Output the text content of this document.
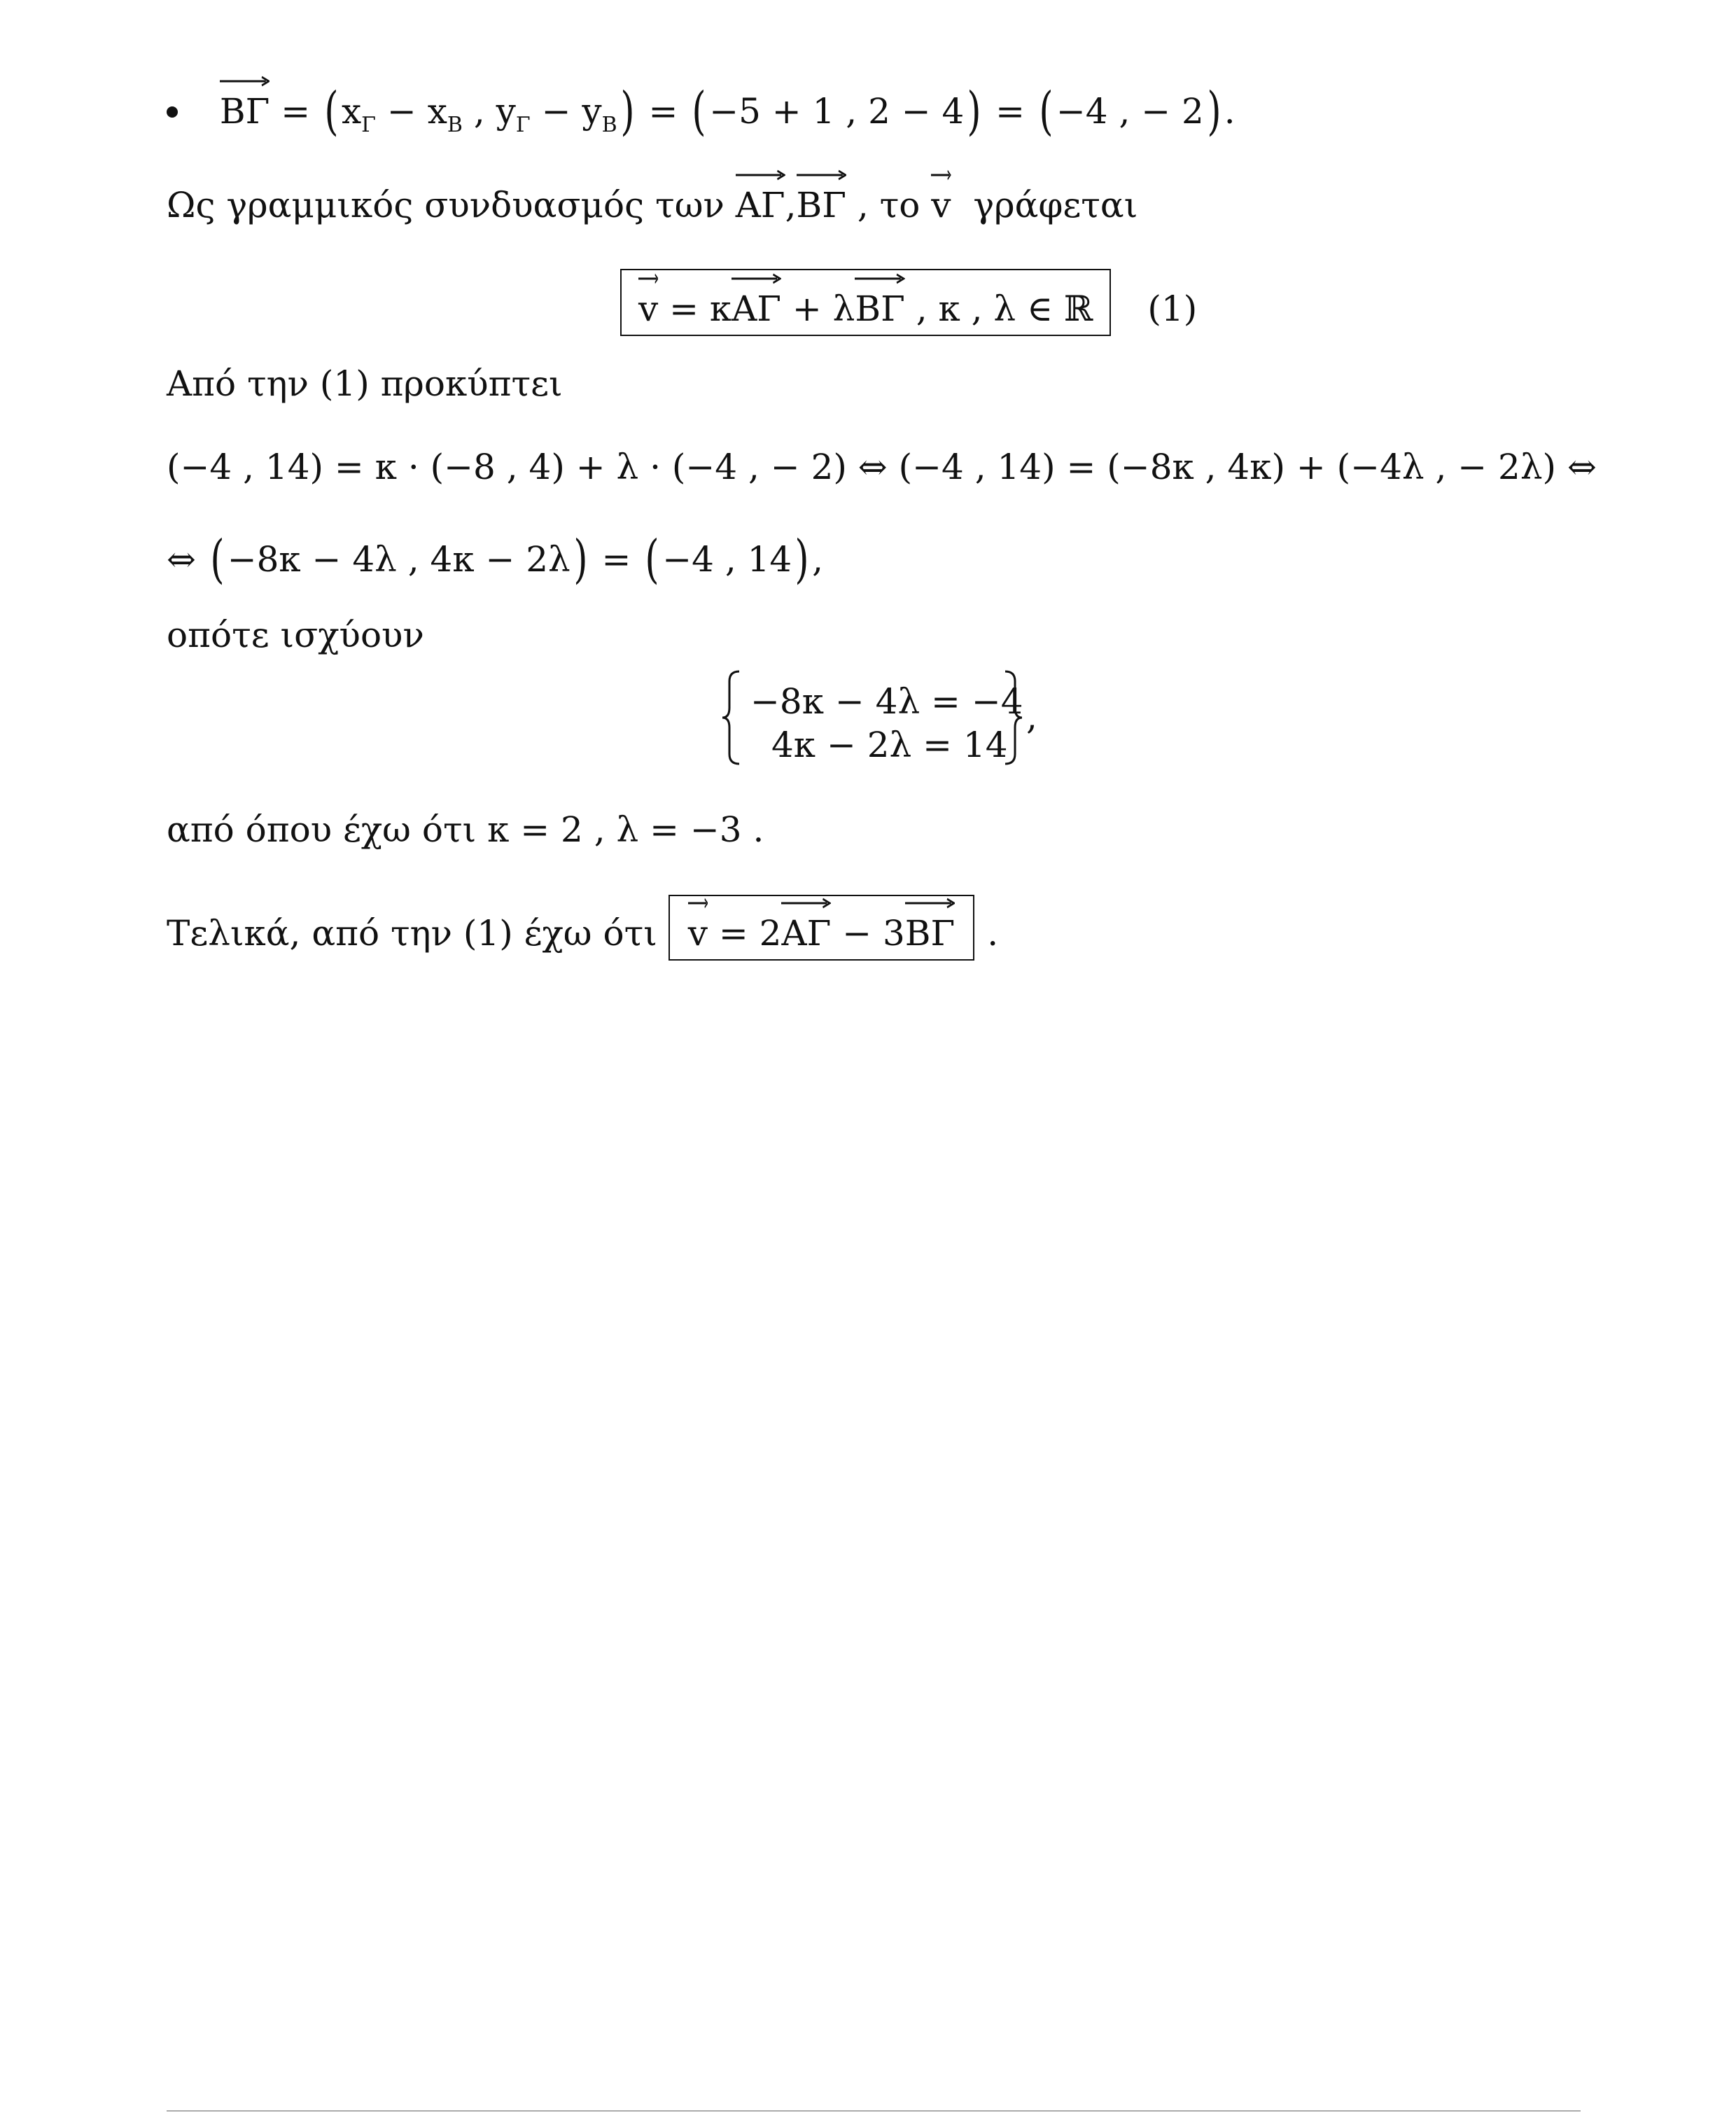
$B\Gamma = (x_\Gamma - x_B$ , $y_\Gamma - y_B) = (-5 + 1$ , 2 − 4) = (−4 , − 2).
Ως γραμμικός συνδυασμός των
AΓ,
BΓ , το
v  γράφεται
v = κ
AΓ + λ
BΓ , κ , λ ∈ ℝ (1)
Από την (1) προκύπτει
(−4 , 14) = κ · (−8 , 4) + λ · (−4 , − 2) ⇔ (−4 , 14) = (−8κ , 4κ) + (−4λ , − 2λ) ⇔
⇔ (−8κ − 4λ , 4κ − 2λ) = (−4 , 14),
οπότε ισχύουν
−8κ − 4λ = −4
4κ − 2λ = 14
,
από όπου έχω ότι κ = 2 , λ = −3 .
Τελικά, από την (1) έχω ότι
v = 2
AΓ − 3
BΓ .
